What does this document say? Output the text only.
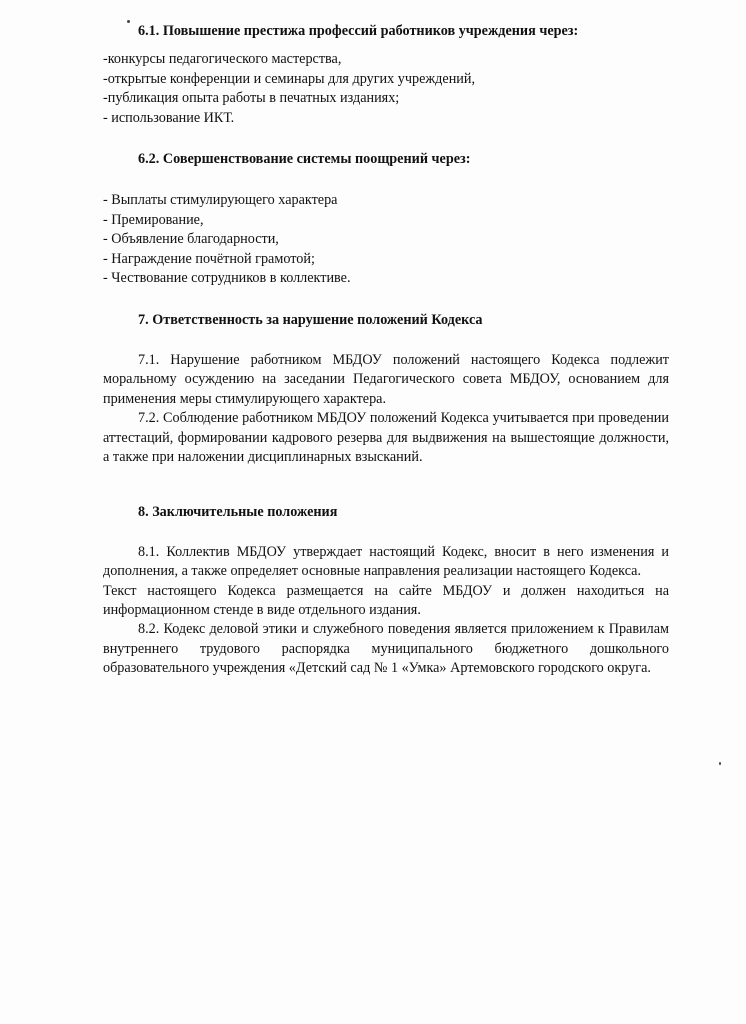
6.1. Повышение престижа профессий работников учреждения через:

-конкурсы педагогического мастерства,
-открытые конференции и семинары для других учреждений,
-публикация опыта работы в печатных изданиях;
- использование ИКТ.

6.2. Совершенствование системы поощрений через:

- Выплаты стимулирующего характера
- Премирование,
- Объявление благодарности,
- Награждение почётной грамотой;
- Чествование сотрудников в коллективе.

7. Ответственность за нарушение положений Кодекса

7.1. Нарушение работником МБДОУ положений настоящего Кодекса подлежит моральному осуждению на заседании Педагогического совета МБДОУ, основанием для применения меры стимулирующего характера.

7.2. Соблюдение работником МБДОУ положений Кодекса учитывается при проведении аттестаций, формировании кадрового резерва для выдвижения на вышестоящие должности, а также при наложении дисциплинарных взысканий.

8. Заключительные положения

8.1. Коллектив МБДОУ утверждает настоящий Кодекс, вносит в него изменения и дополнения, а также определяет основные направления реализации настоящего Кодекса.

Текст настоящего Кодекса размещается на сайте МБДОУ и должен находиться на информационном стенде в виде отдельного издания.

8.2. Кодекс деловой этики и служебного поведения является приложением к Правилам внутреннего трудового распорядка муниципального бюджетного дошкольного образовательного учреждения «Детский сад № 1 «Умка» Артемовского городского округа.
